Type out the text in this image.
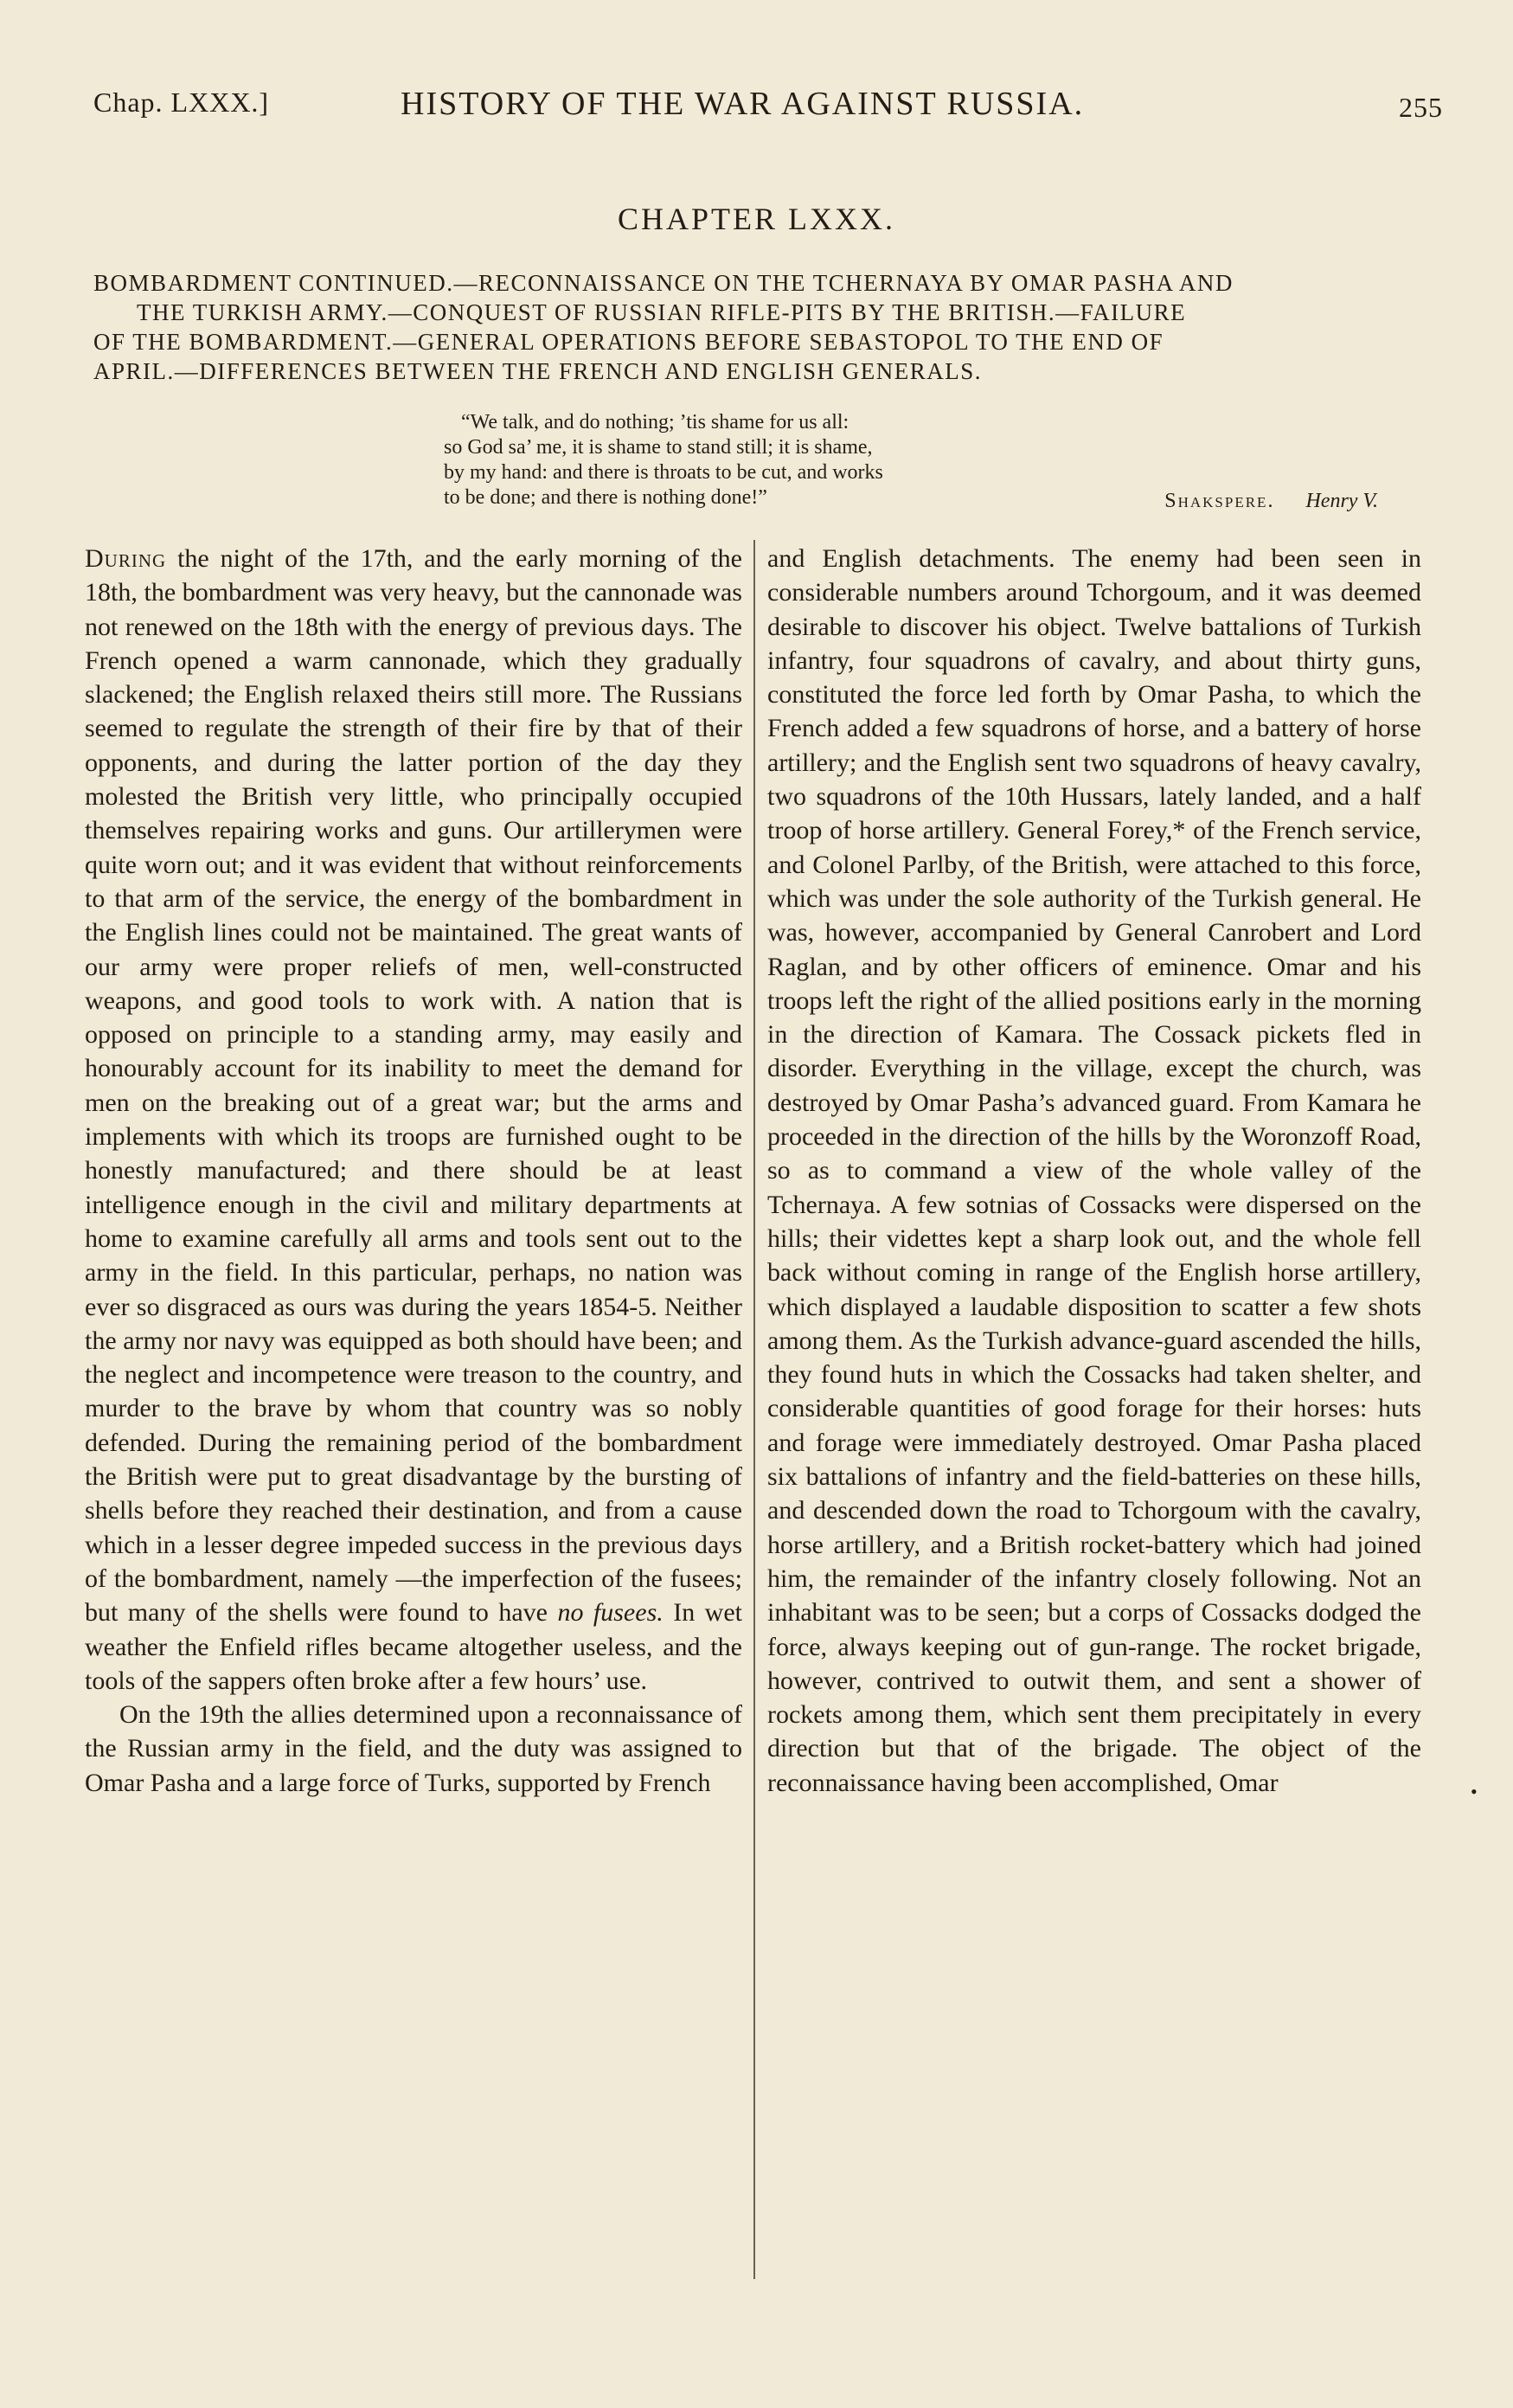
Chap. LXXX.]	HISTORY OF THE WAR AGAINST RUSSIA.	255
CHAPTER LXXX.
BOMBARDMENT CONTINUED.—RECONNAISSANCE ON THE TCHERNAYA BY OMAR PASHA AND
THE TURKISH ARMY.—CONQUEST OF RUSSIAN RIFLE-PITS BY THE BRITISH.—FAILURE
OF THE BOMBARDMENT.—GENERAL OPERATIONS BEFORE SEBASTOPOL TO THE END OF
APRIL.—DIFFERENCES BETWEEN THE FRENCH AND ENGLISH GENERALS.
“We talk, and do nothing; ’tis shame for us all:
so God sa’ me, it is shame to stand still; it is shame,
by my hand: and there is throats to be cut, and works
to be done; and there is nothing done!”	Shakspere. Henry V.

During the night of the 17th, and the early morning of the 18th, the bombardment was very heavy, but the cannonade was not renewed on the 18th with the energy of previous days. The French opened a warm cannonade, which they gradually slackened; the English relaxed theirs still more. The Russians seemed to regulate the strength of their fire by that of their opponents, and during the latter portion of the day they molested the British very little, who principally occupied themselves repairing works and guns. Our artillerymen were quite worn out; and it was evident that without reinforcements to that arm of the service, the energy of the bombardment in the English lines could not be maintained. The great wants of our army were proper reliefs of men, well-constructed weapons, and good tools to work with. A nation that is opposed on principle to a standing army, may easily and honourably account for its inability to meet the demand for men on the breaking out of a great war; but the arms and implements with which its troops are furnished ought to be honestly manufactured; and there should be at least intelligence enough in the civil and military departments at home to examine carefully all arms and tools sent out to the army in the field. In this particular, perhaps, no nation was ever so disgraced as ours was during the years 1854-5. Neither the army nor navy was equipped as both should have been; and the neglect and incompetence were treason to the country, and murder to the brave by whom that country was so nobly defended. During the remaining period of the bombardment the British were put to great disadvantage by the bursting of shells before they reached their destination, and from a cause which in a lesser degree impeded success in the previous days of the bombardment, namely —the imperfection of the fusees; but many of the shells were found to have no fusees. In wet weather the Enfield rifles became altogether useless, and the tools of the sappers often broke after a few hours’ use.

On the 19th the allies determined upon a reconnaissance of the Russian army in the field, and the duty was assigned to Omar Pasha and a large force of Turks, supported by French

and English detachments. The enemy had been seen in considerable numbers around Tchorgoum, and it was deemed desirable to discover his object. Twelve battalions of Turkish infantry, four squadrons of cavalry, and about thirty guns, constituted the force led forth by Omar Pasha, to which the French added a few squadrons of horse, and a battery of horse artillery; and the English sent two squadrons of heavy cavalry, two squadrons of the 10th Hussars, lately landed, and a half troop of horse artillery. General Forey,* of the French service, and Colonel Parlby, of the British, were attached to this force, which was under the sole authority of the Turkish general. He was, however, accompanied by General Canrobert and Lord Raglan, and by other officers of eminence. Omar and his troops left the right of the allied positions early in the morning in the direction of Kamara. The Cossack pickets fled in disorder. Everything in the village, except the church, was destroyed by Omar Pasha’s advanced guard. From Kamara he proceeded in the direction of the hills by the Woronzoff Road, so as to command a view of the whole valley of the Tchernaya. A few sotnias of Cossacks were dispersed on the hills; their videttes kept a sharp look out, and the whole fell back without coming in range of the English horse artillery, which displayed a laudable disposition to scatter a few shots among them. As the Turkish advance-guard ascended the hills, they found huts in which the Cossacks had taken shelter, and considerable quantities of good forage for their horses: huts and forage were immediately destroyed. Omar Pasha placed six battalions of infantry and the field-batteries on these hills, and descended down the road to Tchorgoum with the cavalry, horse artillery, and a British rocket-battery which had joined him, the remainder of the infantry closely following. Not an inhabitant was to be seen; but a corps of Cossacks dodged the force, always keeping out of gun-range. The rocket brigade, however, contrived to outwit them, and sent a shower of rockets among them, which sent them precipitately in every direction but that of the brigade. The object of the reconnaissance having been accomplished, Omar	•
